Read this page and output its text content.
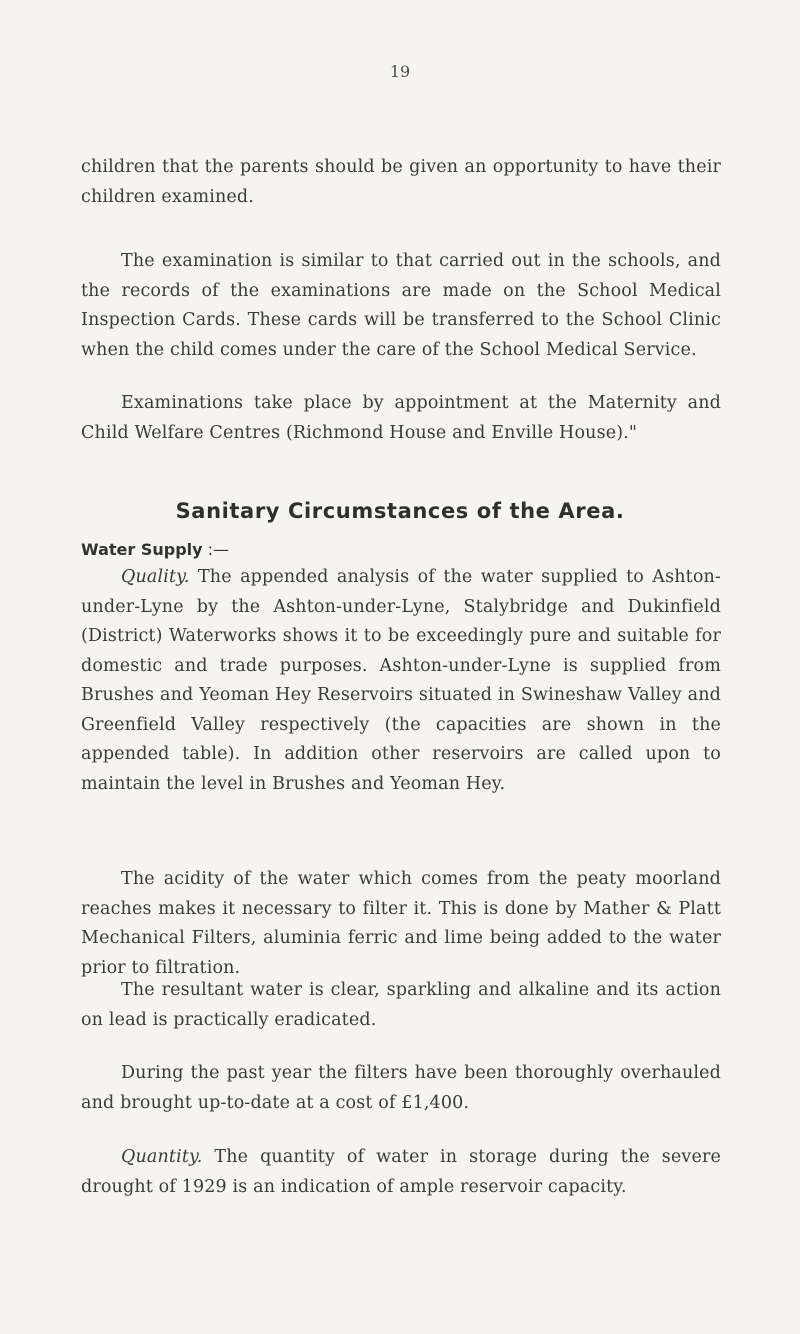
19
children that the parents should be given an opportunity to have their children examined.
The examination is similar to that carried out in the schools, and the records of the examinations are made on the School Medical Inspection Cards. These cards will be transferred to the School Clinic when the child comes under the care of the School Medical Service.
Examinations take place by appointment at the Maternity and Child Welfare Centres (Richmond House and Enville House)."
Sanitary Circumstances of the Area.
Water Supply :—
Quality. The appended analysis of the water supplied to Ashton-under-Lyne by the Ashton-under-Lyne, Stalybridge and Dukinfield (District) Waterworks shows it to be exceedingly pure and suitable for domestic and trade purposes. Ashton-under-Lyne is supplied from Brushes and Yeoman Hey Reservoirs situated in Swineshaw Valley and Greenfield Valley respectively (the capacities are shown in the appended table). In addition other reservoirs are called upon to maintain the level in Brushes and Yeoman Hey.
The acidity of the water which comes from the peaty moorland reaches makes it necessary to filter it. This is done by Mather & Platt Mechanical Filters, aluminia ferric and lime being added to the water prior to filtration.
The resultant water is clear, sparkling and alkaline and its action on lead is practically eradicated.
During the past year the filters have been thoroughly overhauled and brought up-to-date at a cost of £1,400.
Quantity. The quantity of water in storage during the severe drought of 1929 is an indication of ample reservoir capacity.
